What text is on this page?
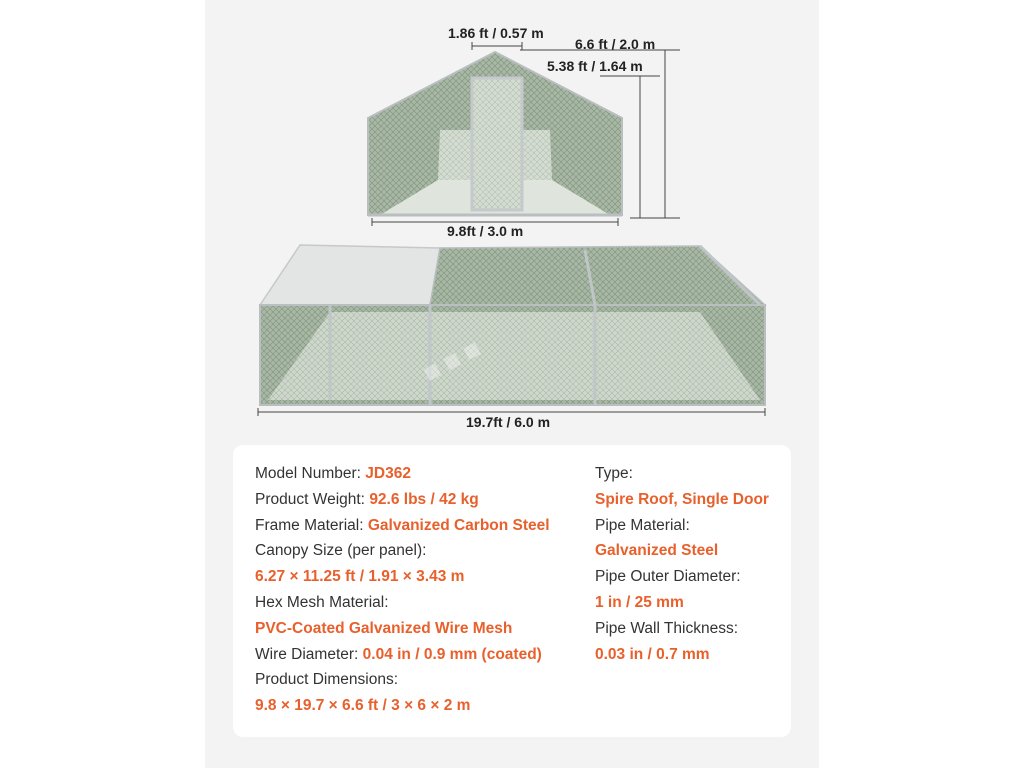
▪▪▪
1.86 ft / 0.57 m
6.6 ft / 2.0 m
5.38 ft / 1.64 m
9.8ft / 3.0 m
19.7ft / 6.0 m
Model Number: JD362
Product Weight: 92.6 lbs / 42 kg
Frame Material: Galvanized Carbon Steel
Canopy Size (per panel):
6.27 × 11.25 ft / 1.91 × 3.43 m
Hex Mesh Material:
PVC-Coated Galvanized Wire Mesh
Wire Diameter: 0.04 in / 0.9 mm (coated)
Product Dimensions:
9.8 × 19.7 × 6.6 ft / 3 × 6 × 2 m
Type:
Spire Roof, Single Door
Pipe Material:
Galvanized Steel
Pipe Outer Diameter:
1 in / 25 mm
Pipe Wall Thickness:
0.03 in / 0.7 mm
